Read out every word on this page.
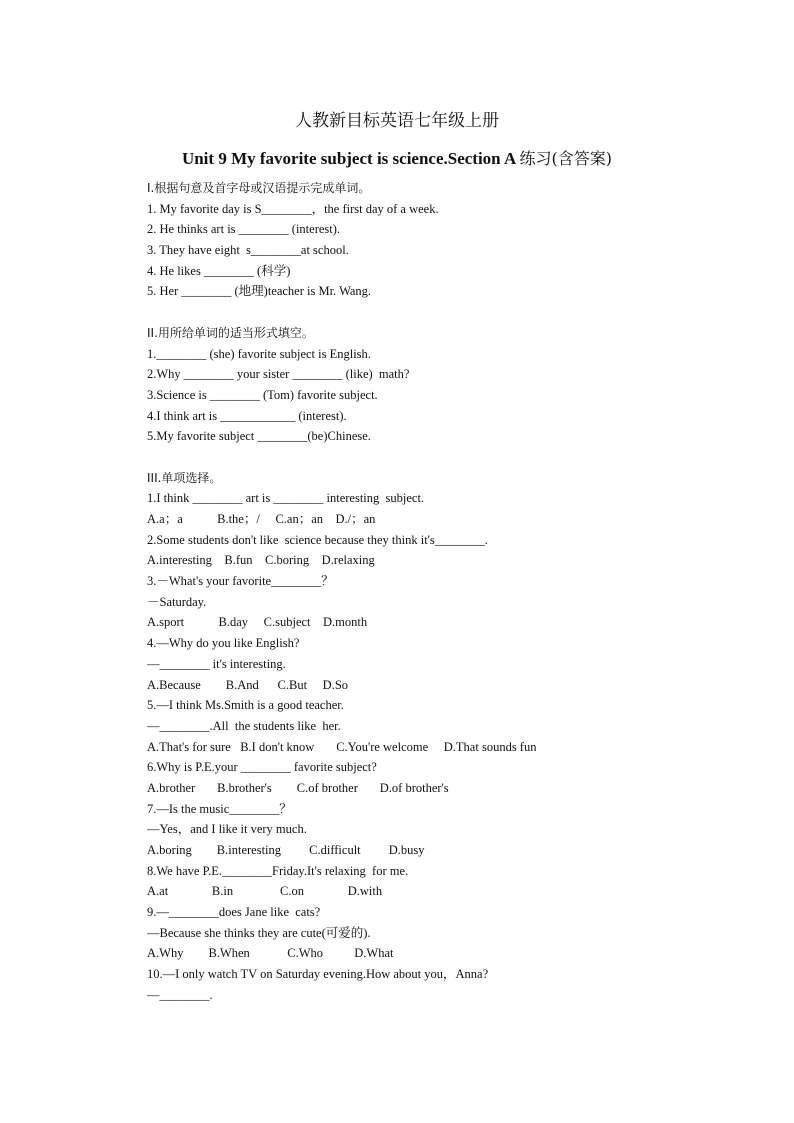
人教新目标英语七年级上册
Unit 9 My favorite subject is science.Section A 练习(含答案)
I.根据句意及首字母或汉语提示完成单词。
1. My favorite day is S________，the first day of a week.
2. He thinks art is ________ (interest).
3. They have eight  s________at school.
4. He likes ________ (科学)
5. Her ________ (地理)teacher is Mr. Wang.
II.用所给单词的适当形式填空。
1.________ (she) favorite subject is English.
2.Why ________ your sister ________ (like)  math?
3.Science is ________ (Tom) favorite subject.
4.I think art is ____________ (interest).
5.My favorite subject ________(be)Chinese.
III.单项选择。
1.I think ________ art is ________ interesting  subject.
A.a；a           B.the；/     C.an；an    D./；an
2.Some students don't like  science because they think it's________.
A.interesting    B.fun    C.boring    D.relaxing
3.－What's your favorite________？
－Saturday.
A.sport           B.day     C.subject    D.month
4.—Why do you like English?
—________ it's interesting.
A.Because        B.And      C.But     D.So
5.—I think Ms.Smith is a good teacher.
—________.All  the students like  her.
A.That's for sure   B.I don't know       C.You're welcome     D.That sounds fun
6.Why is P.E.your ________ favorite subject?
A.brother       B.brother's        C.of brother       D.of brother's
7.—Is the music________？
—Yes，and I like it very much.
A.boring        B.interesting         C.difficult         D.busy
8.We have P.E.________Friday.It's relaxing  for me.
A.at              B.in               C.on              D.with
9.—________does Jane like  cats?
—Because she thinks they are cute(可爱的).
A.Why        B.When            C.Who          D.What
10.—I only watch TV on Saturday evening.How about you，Anna?
—________.
